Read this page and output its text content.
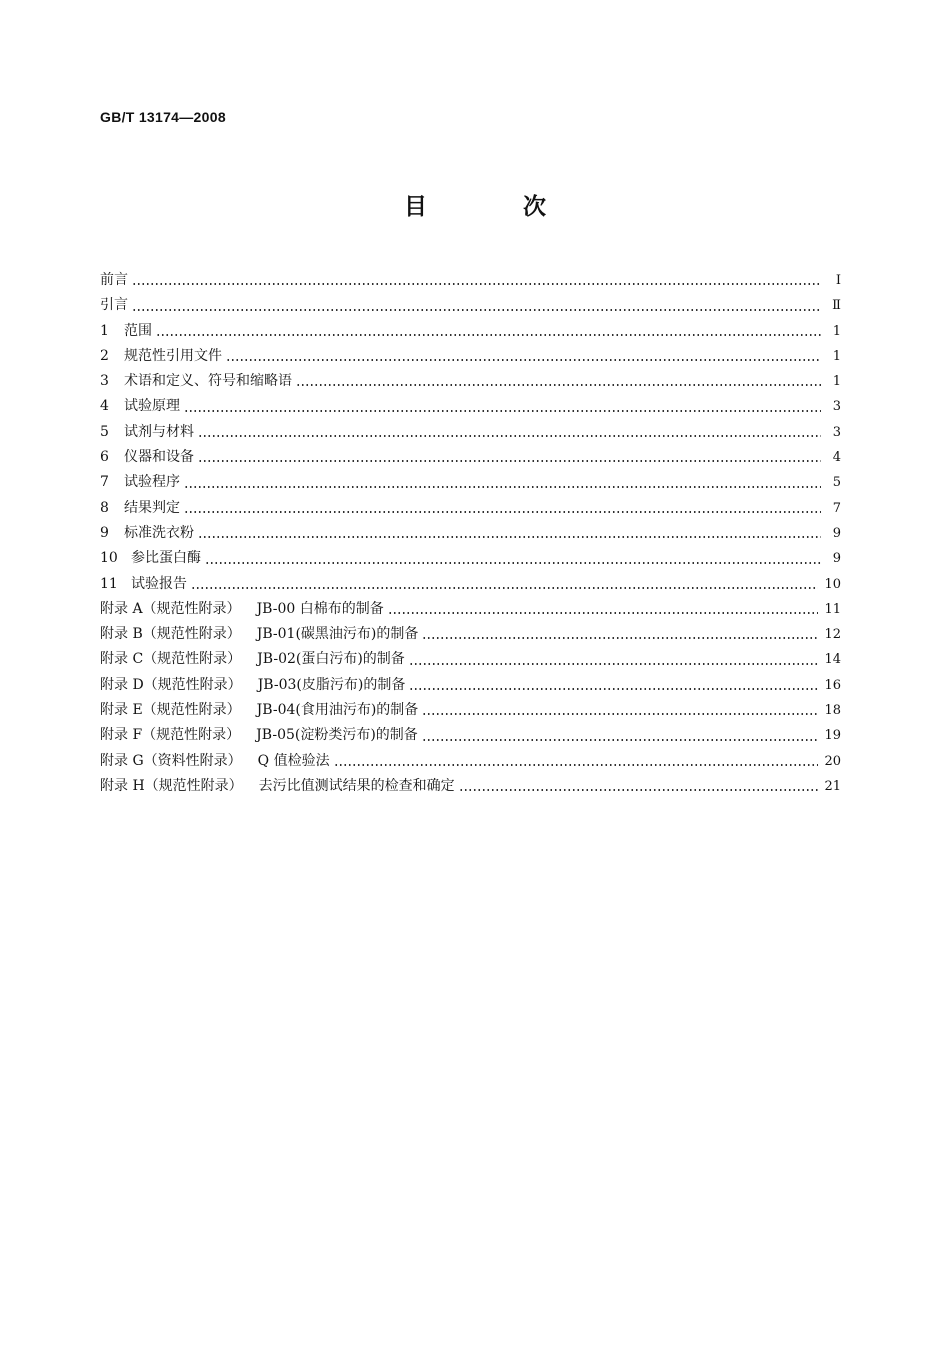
GB/T 13174—2008
目 次
前言	Ⅰ
引言	Ⅱ
1 范围	1
2 规范性引用文件	1
3 术语和定义、符号和缩略语	1
4 试验原理	3
5 试剂与材料	3
6 仪器和设备	4
7 试验程序	5
8 结果判定	7
9 标准洗衣粉	9
10 参比蛋白酶	9
11 试验报告	10
附录 A（规范性附录） JB-00 白棉布的制备	11
附录 B（规范性附录） JB-01(碳黑油污布)的制备	12
附录 C（规范性附录） JB-02(蛋白污布)的制备	14
附录 D（规范性附录） JB-03(皮脂污布)的制备	16
附录 E（规范性附录） JB-04(食用油污布)的制备	18
附录 F（规范性附录） JB-05(淀粉类污布)的制备	19
附录 G（资料性附录） Q 值检验法	20
附录 H（规范性附录） 去污比值测试结果的检查和确定	21
